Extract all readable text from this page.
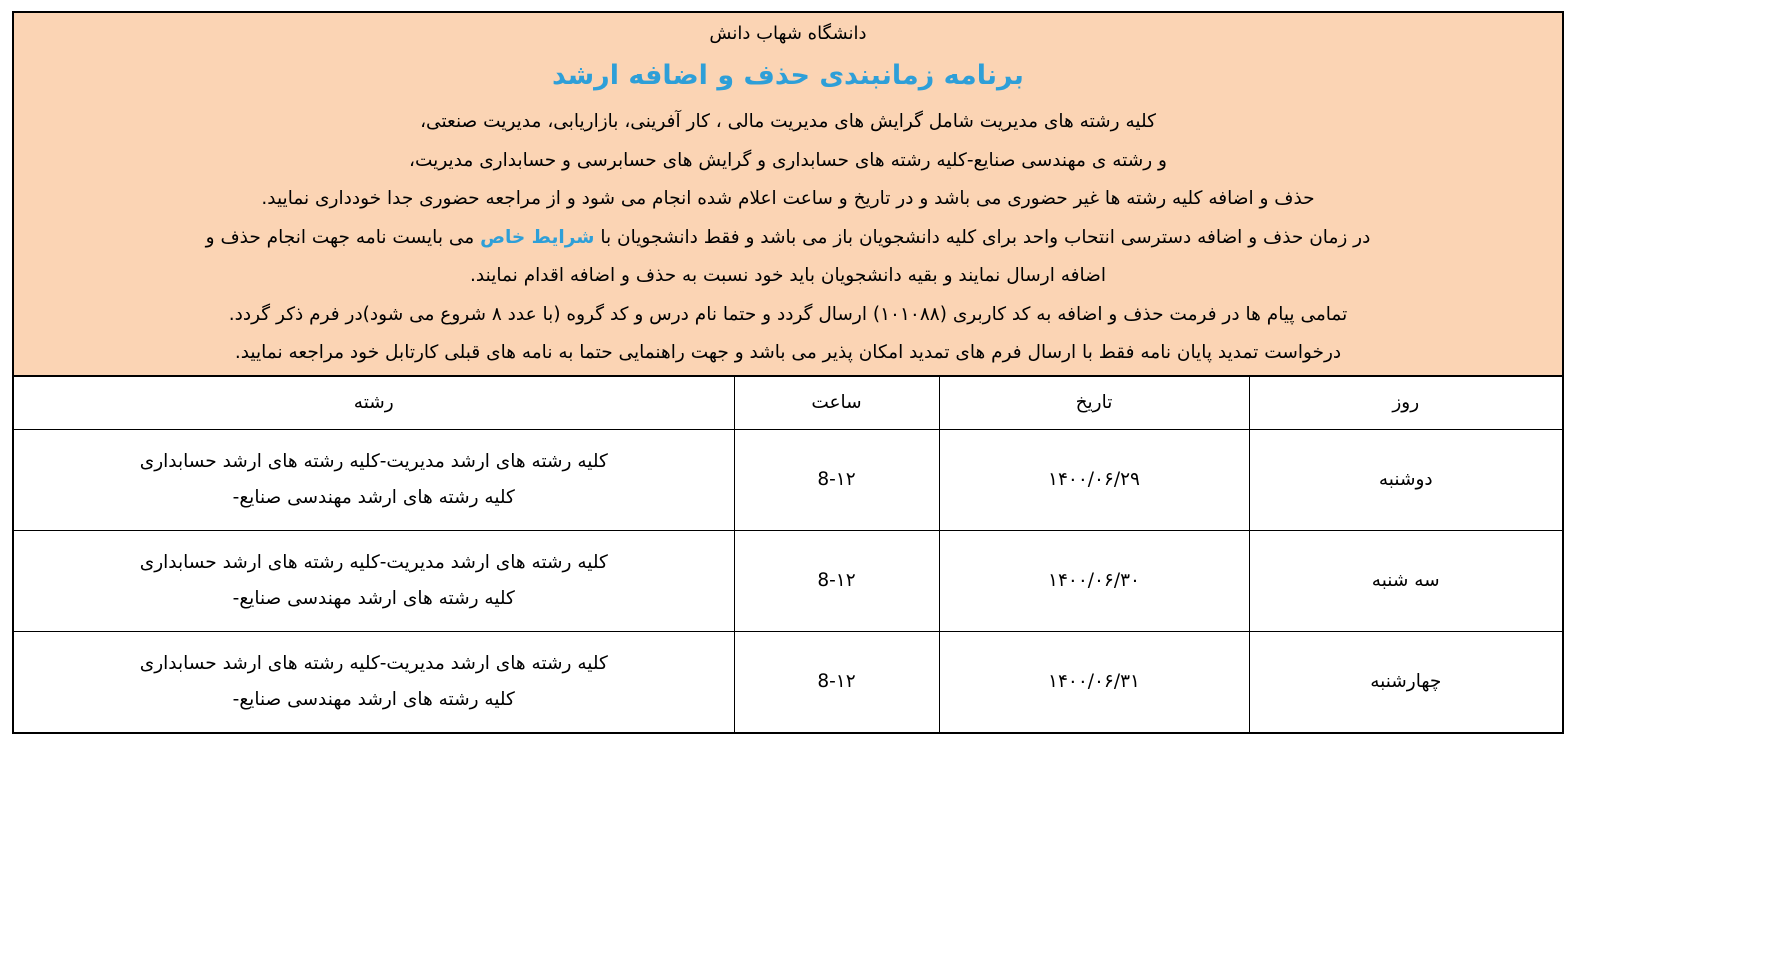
دانشگاه شهاب دانش
برنامه زمانبندی حذف و اضافه ارشد
کلیه رشته های مدیریت شامل گرایش های مدیریت مالی ، کار آفرینی، بازاریابی، مدیریت صنعتی،
و رشته ی مهندسی صنایع-کلیه رشته های حسابداری و گرایش های حسابرسی و حسابداری مدیریت،
حذف و اضافه کلیه رشته ها غیر حضوری می باشد و در تاریخ و ساعت اعلام شده انجام می شود و از مراجعه حضوری جدا خودداری نمایید.
در زمان حذف و اضافه دسترسی انتحاب واحد برای کلیه دانشجویان باز می باشد و فقط دانشجویان با شرایط خاص می بایست نامه جهت انجام حذف و
اضافه ارسال نمایند و بقیه دانشجویان باید خود نسبت به حذف و اضافه اقدام نمایند.
تمامی پیام ها در فرمت حذف و اضافه به کد کاربری (۱۰۱۰۸۸) ارسال گردد و حتما نام درس و کد گروه (با عدد ۸ شروع می شود)در فرم ذکر گردد.
درخواست تمدید پایان نامه فقط با ارسال فرم های تمدید امکان پذیر می باشد و جهت راهنمایی حتما به نامه های قبلی کارتابل خود مراجعه نمایید.
روز	تاریخ	ساعت	رشته
دوشنبه	۱۴۰۰/۰۶/۲۹	8-۱۲	کلیه رشته های ارشد مدیریت-کلیه رشته های ارشد حسابداری
کلیه رشته های ارشد مهندسی صنایع-

سه شنبه	۱۴۰۰/۰۶/۳۰	8-۱۲	کلیه رشته های ارشد مدیریت-کلیه رشته های ارشد حسابداری
کلیه رشته های ارشد مهندسی صنایع-

چهارشنبه	۱۴۰۰/۰۶/۳۱	8-۱۲	کلیه رشته های ارشد مدیریت-کلیه رشته های ارشد حسابداری
کلیه رشته های ارشد مهندسی صنایع-
